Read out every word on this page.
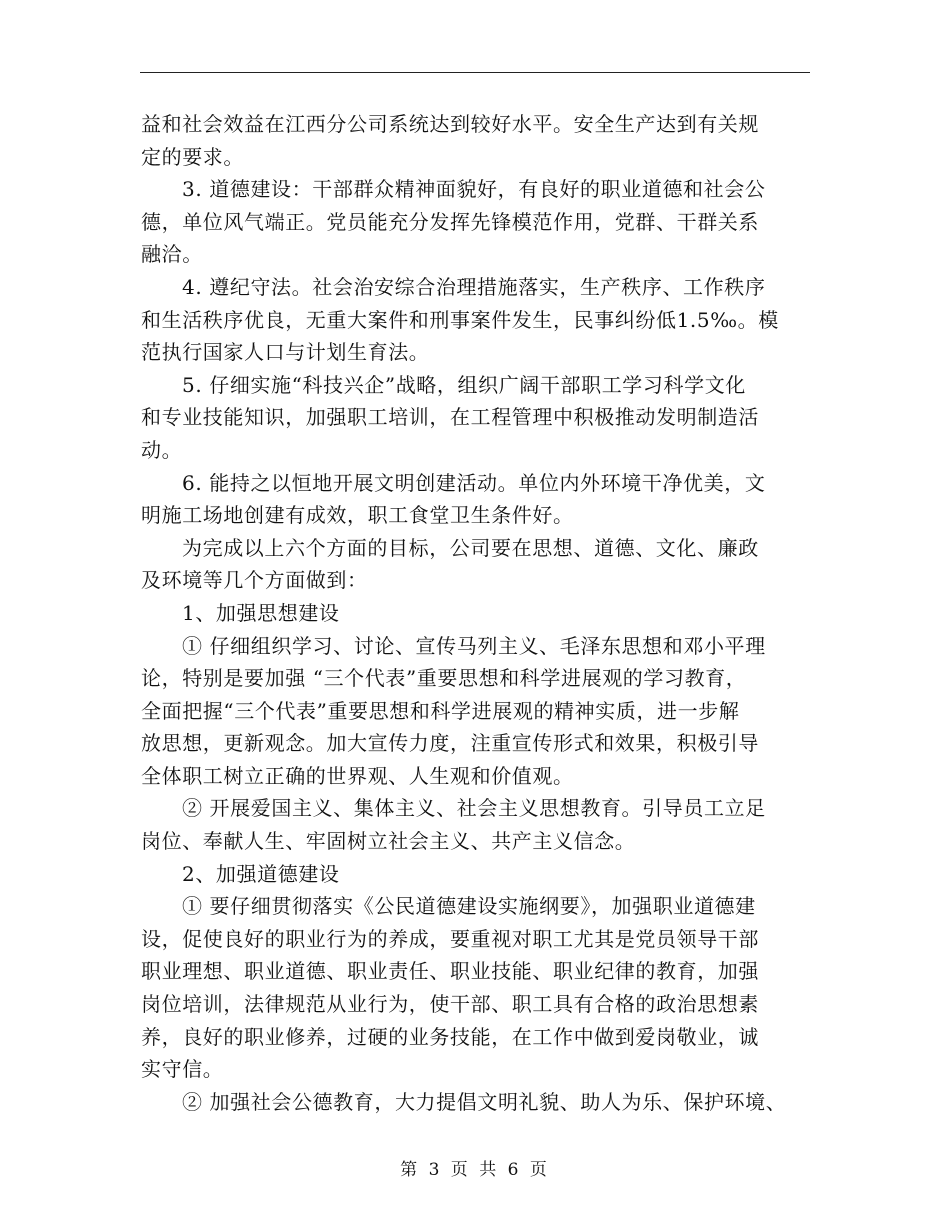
益和社会效益在江西分公司系统达到较好水平。安全生产达到有关规
定的要求。
3. 道德建设：干部群众精神面貌好，有良好的职业道德和社会公
德，单位风气端正。党员能充分发挥先锋模范作用，党群、干群关系
融洽。
4. 遵纪守法。社会治安综合治理措施落实，生产秩序、工作秩序
和生活秩序优良，无重大案件和刑事案件发生，民事纠纷低1.5‰。模
范执行国家人口与计划生育法。
5. 仔细实施“科技兴企”战略，组织广阔干部职工学习科学文化
和专业技能知识，加强职工培训，在工程管理中积极推动发明制造活
动。
6. 能持之以恒地开展文明创建活动。单位内外环境干净优美，文
明施工场地创建有成效，职工食堂卫生条件好。
为完成以上六个方面的目标，公司要在思想、道德、文化、廉政
及环境等几个方面做到：
1、加强思想建设
① 仔细组织学习、讨论、宣传马列主义、毛泽东思想和邓小平理
论，特别是要加强 “三个代表”重要思想和科学进展观的学习教育，
全面把握“三个代表”重要思想和科学进展观的精神实质，进一步解
放思想，更新观念。加大宣传力度，注重宣传形式和效果，积极引导
全体职工树立正确的世界观、人生观和价值观。
② 开展爱国主义、集体主义、社会主义思想教育。引导员工立足
岗位、奉献人生、牢固树立社会主义、共产主义信念。
2、加强道德建设
① 要仔细贯彻落实《公民道德建设实施纲要》，加强职业道德建
设，促使良好的职业行为的养成，要重视对职工尤其是党员领导干部
职业理想、职业道德、职业责任、职业技能、职业纪律的教育，加强
岗位培训，法律规范从业行为，使干部、职工具有合格的政治思想素
养，良好的职业修养，过硬的业务技能，在工作中做到爱岗敬业，诚
实守信。
② 加强社会公德教育，大力提倡文明礼貌、助人为乐、保护环境、
第 3 页 共 6 页
